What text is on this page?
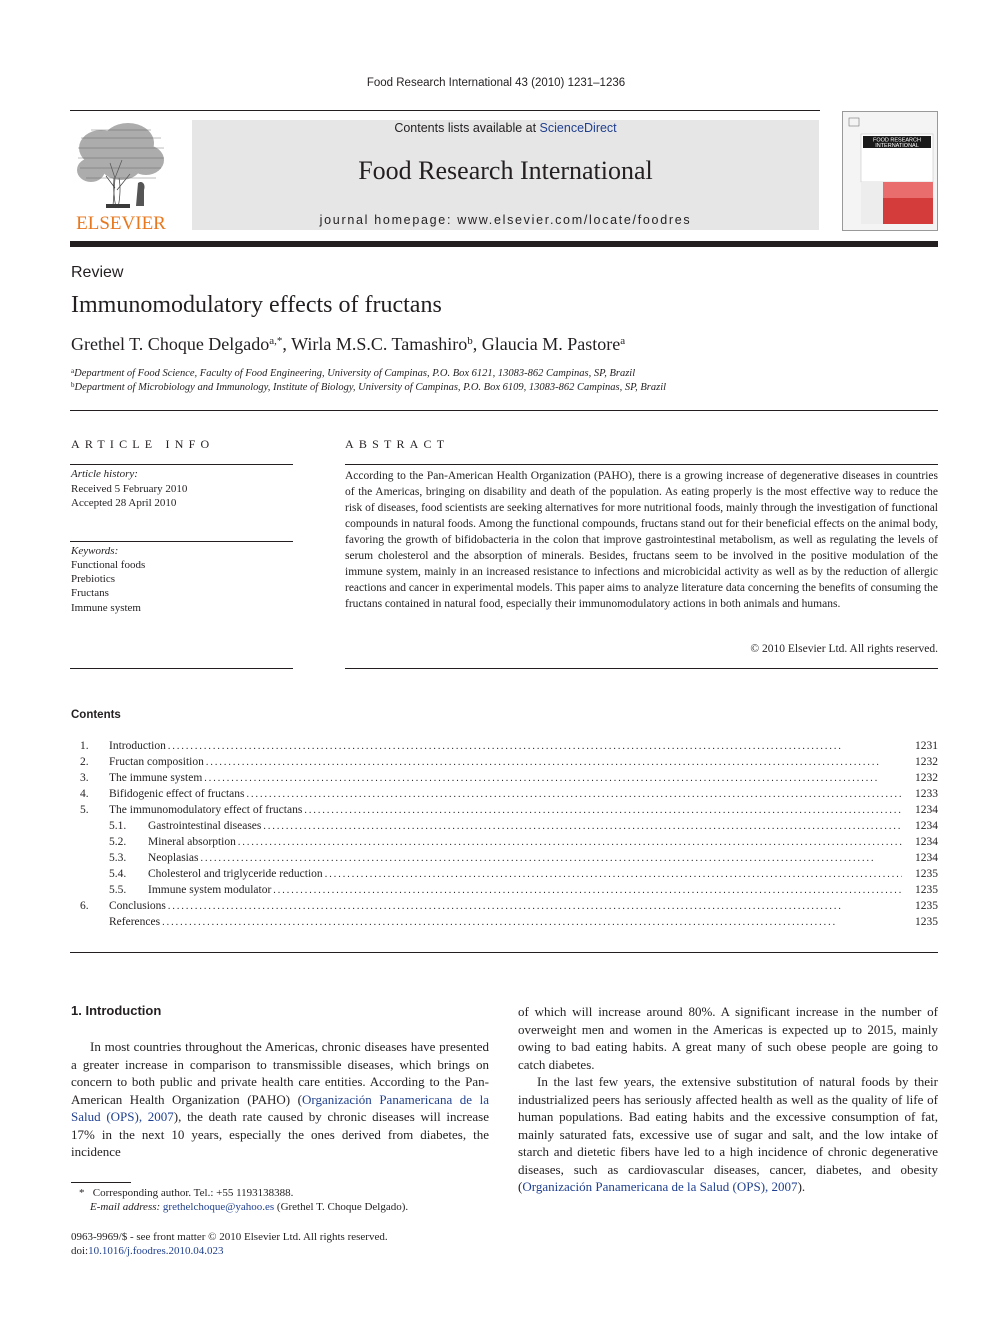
Food Research International 43 (2010) 1231–1236
ELSEVIER
Contents lists available at ScienceDirect
Food Research International
journal homepage: www.elsevier.com/locate/foodres
FOOD RESEARCH
INTERNATIONAL
Review
Immunomodulatory effects of fructans
Grethel T. Choque Delgado$^{a,*}$, Wirla M.S.C. Tamashiro$^b$, Glaucia M. Pastore$^a$
$^a$Department of Food Science, Faculty of Food Engineering, University of Campinas, P.O. Box 6121, 13083-862 Campinas, SP, Brazil
$^b$Department of Microbiology and Immunology, Institute of Biology, University of Campinas, P.O. Box 6109, 13083-862 Campinas, SP, Brazil
ARTICLE INFO
Article history:
Received 5 February 2010
Accepted 28 April 2010
Keywords:
Functional foods
Prebiotics
Fructans
Immune system
ABSTRACT
According to the Pan-American Health Organization (PAHO), there is a growing increase of degenerative diseases in countries of the Americas, bringing on disability and death of the population. As eating properly is the most effective way to reduce the risk of diseases, food scientists are seeking alternatives for more nutritional foods, mainly through the investigation of functional compounds in natural foods. Among the functional compounds, fructans stand out for their beneficial effects on the animal body, favoring the growth of bifidobacteria in the colon that improve gastrointestinal metabolism, as well as regulating the levels of serum cholesterol and the absorption of minerals. Besides, fructans seem to be involved in the positive modulation of the immune system, mainly in an increased resistance to infections and microbicidal activity as well as by the reduction of allergic reactions and cancer in experimental models. This paper aims to analyze literature data concerning the benefits of consuming the fructans contained in natural food, especially their immunomodulatory actions in both animals and humans.
© 2010 Elsevier Ltd. All rights reserved.
Contents
1. Introduction . . .	1231
2. Fructan composition . . .	1232
3. The immune system . . .	1232
4. Bifidogenic effect of fructans . . .	1233
5. The immunomodulatory effect of fructans . . .	1234
5.1. Gastrointestinal diseases . . .	1234
5.2. Mineral absorption . . .	1234
5.3. Neoplasias . . .	1234
5.4. Cholesterol and triglyceride reduction . . .	1235
5.5. Immune system modulator . . .	1235
6. Conclusions . . .	1235
References . . .	1235
1. Introduction
In most countries throughout the Americas, chronic diseases have presented a greater increase in comparison to transmissible diseases, which brings on concern to both public and private health care entities. According to the Pan-American Health Organization (PAHO) (Organización Panamericana de la Salud (OPS), 2007), the death rate caused by chronic diseases will increase 17% in the next 10 years, especially the ones derived from diabetes, the incidence
of which will increase around 80%. A significant increase in the number of overweight men and women in the Americas is expected up to 2015, mainly owing to bad eating habits. A great many of such obese people are going to catch diabetes.
In the last few years, the extensive substitution of natural foods by their industrialized peers has seriously affected health as well as the quality of life of human populations. Bad eating habits and the excessive consumption of fat, mainly saturated fats, excessive use of sugar and salt, and the low intake of starch and dietetic fibers have led to a high incidence of chronic degenerative diseases, such as cardiovascular diseases, cancer, diabetes, and obesity (Organización Panamericana de la Salud (OPS), 2007).
* Corresponding author. Tel.: +55 1193138388.
E-mail address: grethelchoque@yahoo.es (Grethel T. Choque Delgado).
0963-9969/$ - see front matter © 2010 Elsevier Ltd. All rights reserved.
doi:10.1016/j.foodres.2010.04.023
